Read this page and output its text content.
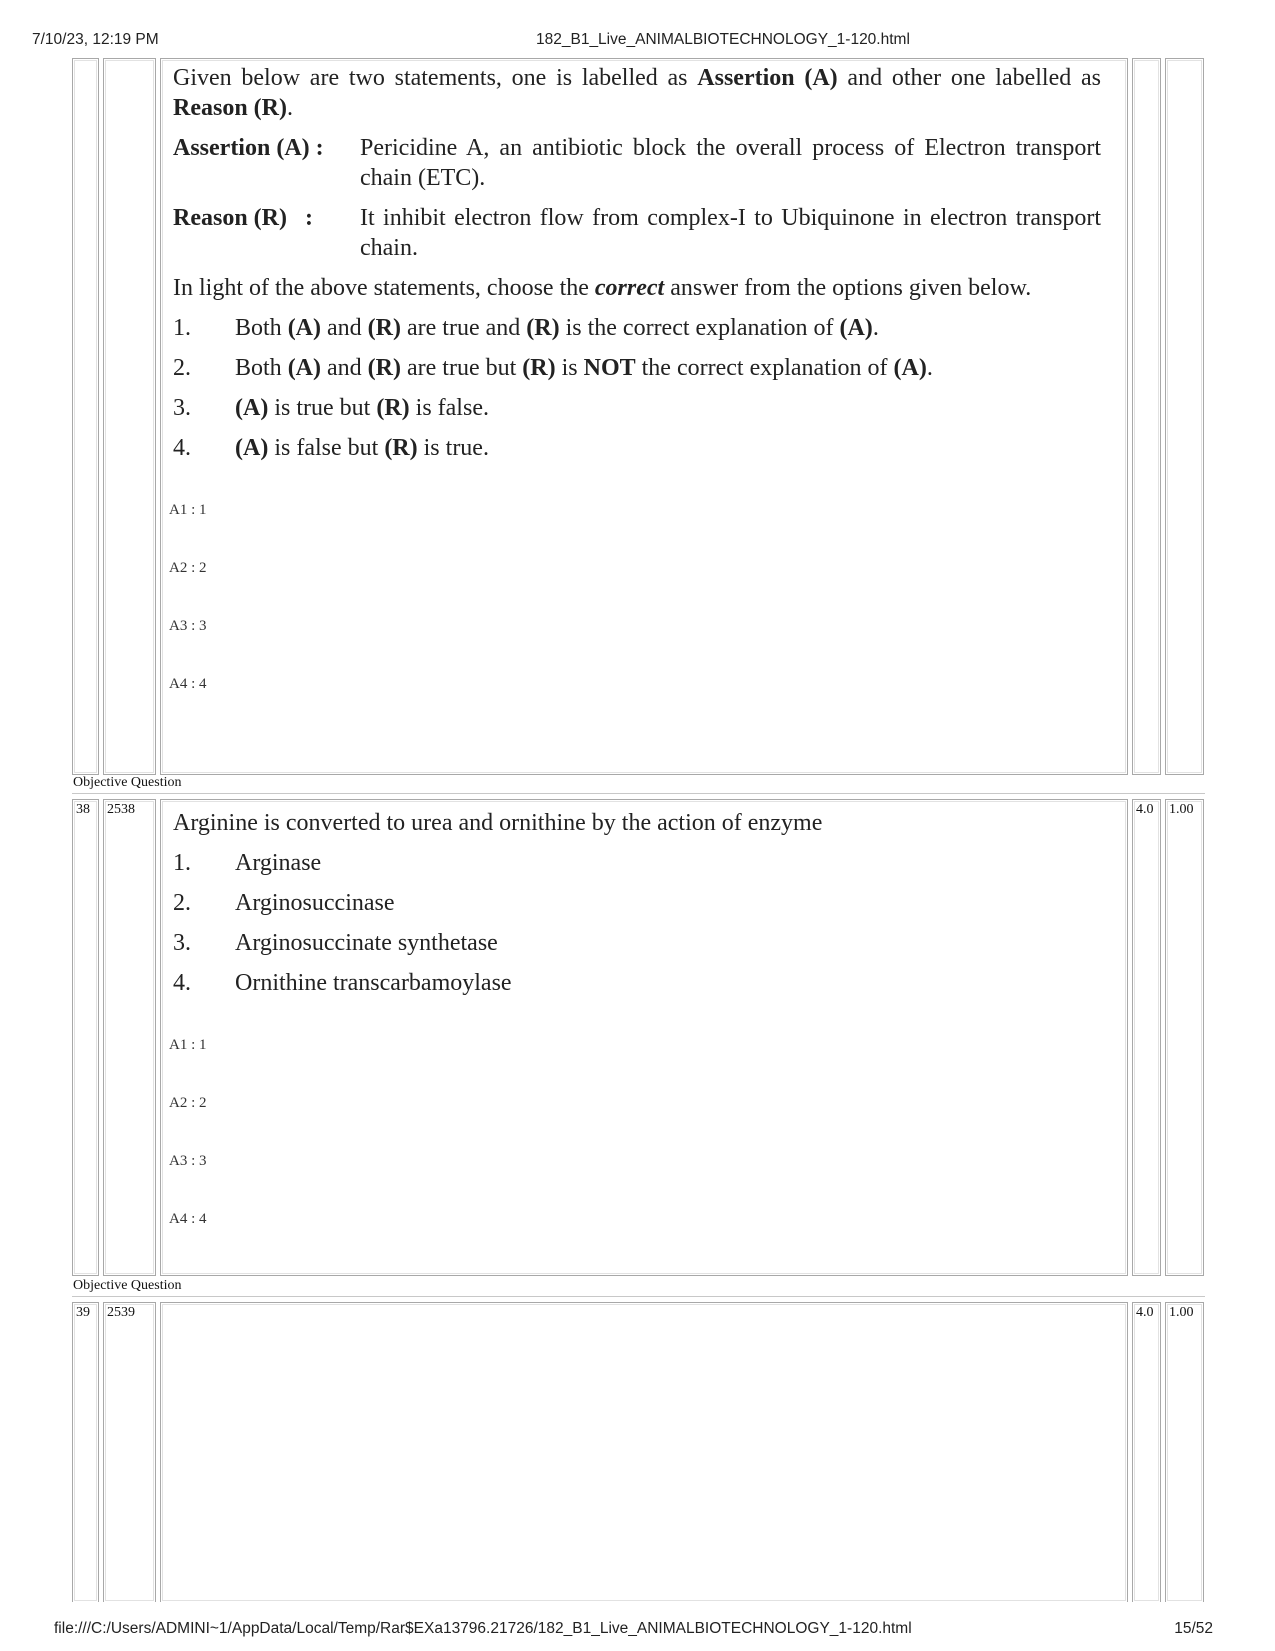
7/10/23, 12:19 PM	182_B1_Live_ANIMALBIOTECHNOLOGY_1-120.html

Given below are two statements, one is labelled as Assertion (A) and other one labelled as Reason (R).

Assertion (A) :	Pericidine A, an antibiotic block the overall process of Electron transport chain (ETC).
Reason (R)   :	It inhibit electron flow from complex-I to Ubiquinone in electron transport chain.

In light of the above statements, choose the correct answer from the options given below.

1.	Both (A) and (R) are true and (R) is the correct explanation of (A).
2.	Both (A) and (R) are true but (R) is NOT the correct explanation of (A).
3.	(A) is true but (R) is false.
4.	(A) is false but (R) is true.
A1 : 1
A2 : 2
A3 : 3
A4 : 4
Objective Question
38	2538	4.0	1.00

Arginine is converted to urea and ornithine by the action of enzyme

1.	Arginase
2.	Arginosuccinase
3.	Arginosuccinate synthetase
4.	Ornithine transcarbamoylase
A1 : 1
A2 : 2
A3 : 3
A4 : 4
Objective Question
39	2539	4.0	1.00
file:///C:/Users/ADMINI~1/AppData/Local/Temp/Rar$EXa13796.21726/182_B1_Live_ANIMALBIOTECHNOLOGY_1-120.html	15/52
